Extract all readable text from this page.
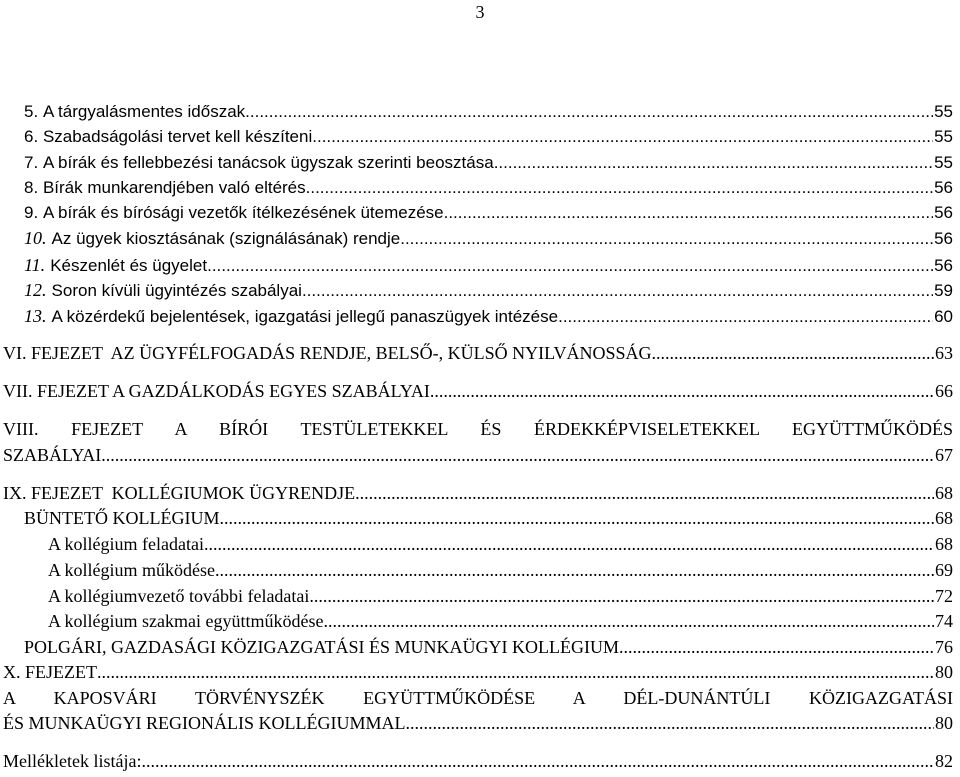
3
5. A tárgyalásmentes időszak .....	55
6. Szabadságolási tervet kell készíteni .....	55
7. A bírák és fellebbezési tanácsok ügyszak szerinti beosztása .....	55
8. Bírák munkarendjében való eltérés .....	56
9. A bírák és bírósági vezetők ítélkezésének ütemezése .....	56
10. Az ügyek kiosztásának (szignálásának) rendje .....	56
11. Készenlét és ügyelet .....	56
12. Soron kívüli ügyintézés szabályai .....	59
13. A közérdekű bejelentések, igazgatási jellegű panaszügyek intézése .....	60
VI. FEJEZET  AZ ÜGYFÉLFOGADÁS RENDJE, BELSŐ-, KÜLSŐ NYILVÁNOSSÁG .....	63
VII. FEJEZET A GAZDÁLKODÁS EGYES SZABÁLYAI .....	66
VIII. FEJEZET A BÍRÓI TESTÜLETEKKEL ÉS ÉRDEKKÉPVISELETEKKEL EGYÜTTMŰKÖDÉS
SZABÁLYAI .....	67
IX. FEJEZET  KOLLÉGIUMOK ÜGYRENDJE .....	68
BÜNTETŐ KOLLÉGIUM .....	68
A kollégium feladatai .....	68
A kollégium működése .....	69
A kollégiumvezető további feladatai .....	72
A kollégium szakmai együttműködése .....	74
POLGÁRI, GAZDASÁGI KÖZIGAZGATÁSI ÉS MUNKAÜGYI KOLLÉGIUM .....	76
X. FEJEZET .....	80
A KAPOSVÁRI TÖRVÉNYSZÉK EGYÜTTMŰKÖDÉSE A DÉL-DUNÁNTÚLI KÖZIGAZGATÁSI
ÉS MUNKAÜGYI REGIONÁLIS KOLLÉGIUMMAL .....	80
Mellékletek listája: .....	82
